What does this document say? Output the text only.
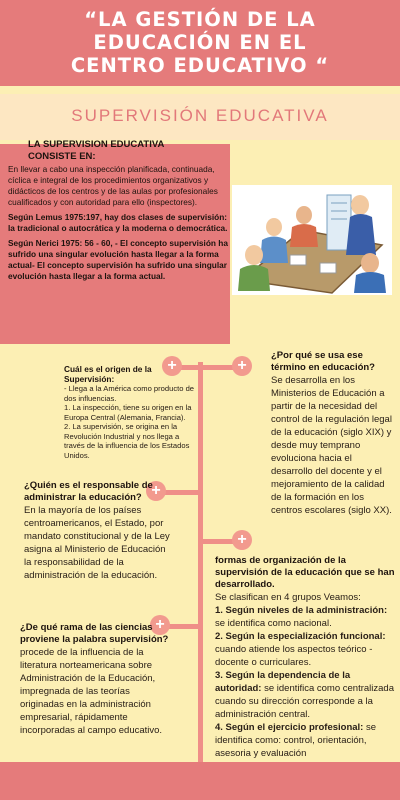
“LA GESTIÓN DE LA
EDUCACIÓN EN EL
CENTRO EDUCATIVO “
SUPERVISIÓN EDUCATIVA
LA SUPERVISION EDUCATIVA
CONSISTE EN:

En llevar a cabo una inspección planificada, continuada, cíclica e integral de los procedimientos organizativos y didácticos de los centros y de las aulas por profesionales cualificados y con autoridad para ello (inspectores).

Según Lemus 1975:197, hay dos clases de supervisión: la tradicional o autocrática y la moderna o democrática.

Según Nerici 1975: 56 - 60, - El concepto supervisión ha sufrido una singular evolución hasta llegar a la forma actual- El concepto supervisión ha sufrido una singular evolución hasta llegar a la forma actual.

+	+
+
+
+
Cuál es el origen de la Supervisión:
- Llega a la América como producto de dos influencias.
1. La inspección, tiene su origen en la Europa Central (Alemania, Francia).
2. La supervisión, se origina en la Revolución Industrial y nos llega a través de la influencia de los Estados Unidos.
¿Por qué se usa ese término en educación?
Se desarrolla en los Ministerios de Educación a partir de la necesidad del control de la regulación legal de la educación (siglo XIX) y desde muy temprano evoluciona hacia el desarrollo del docente y el mejoramiento de la calidad de la formación en los centros escolares (siglo XX).
¿Quién es el responsable de administrar la educación?
En la mayoría de los países centroamericanos, el Estado, por mandato constitucional y de la Ley asigna al Ministerio de Educación la responsabilidad de la administración de la educación.
formas de organización de la supervisión de la educación que se han desarrollado.
Se clasifican en 4 grupos Veamos:
1. Según niveles de la administración: se identifica como nacional.
2. Según la especialización funcional: cuando atiende los aspectos teórico - docente o curriculares.
3. Según la dependencia de la autoridad: se identifica como centralizada cuando su dirección corresponde a la administración central.
4. Según el ejercicio profesional: se identifica como: control, orientación, asesoria y evaluación
¿De qué rama de las ciencias proviene la palabra supervisión?
procede de la influencia de la literatura norteamericana sobre Administración de la Educación, impregnada de las teorías originadas en la administración empresarial, rápidamente incorporadas al campo educativo.
